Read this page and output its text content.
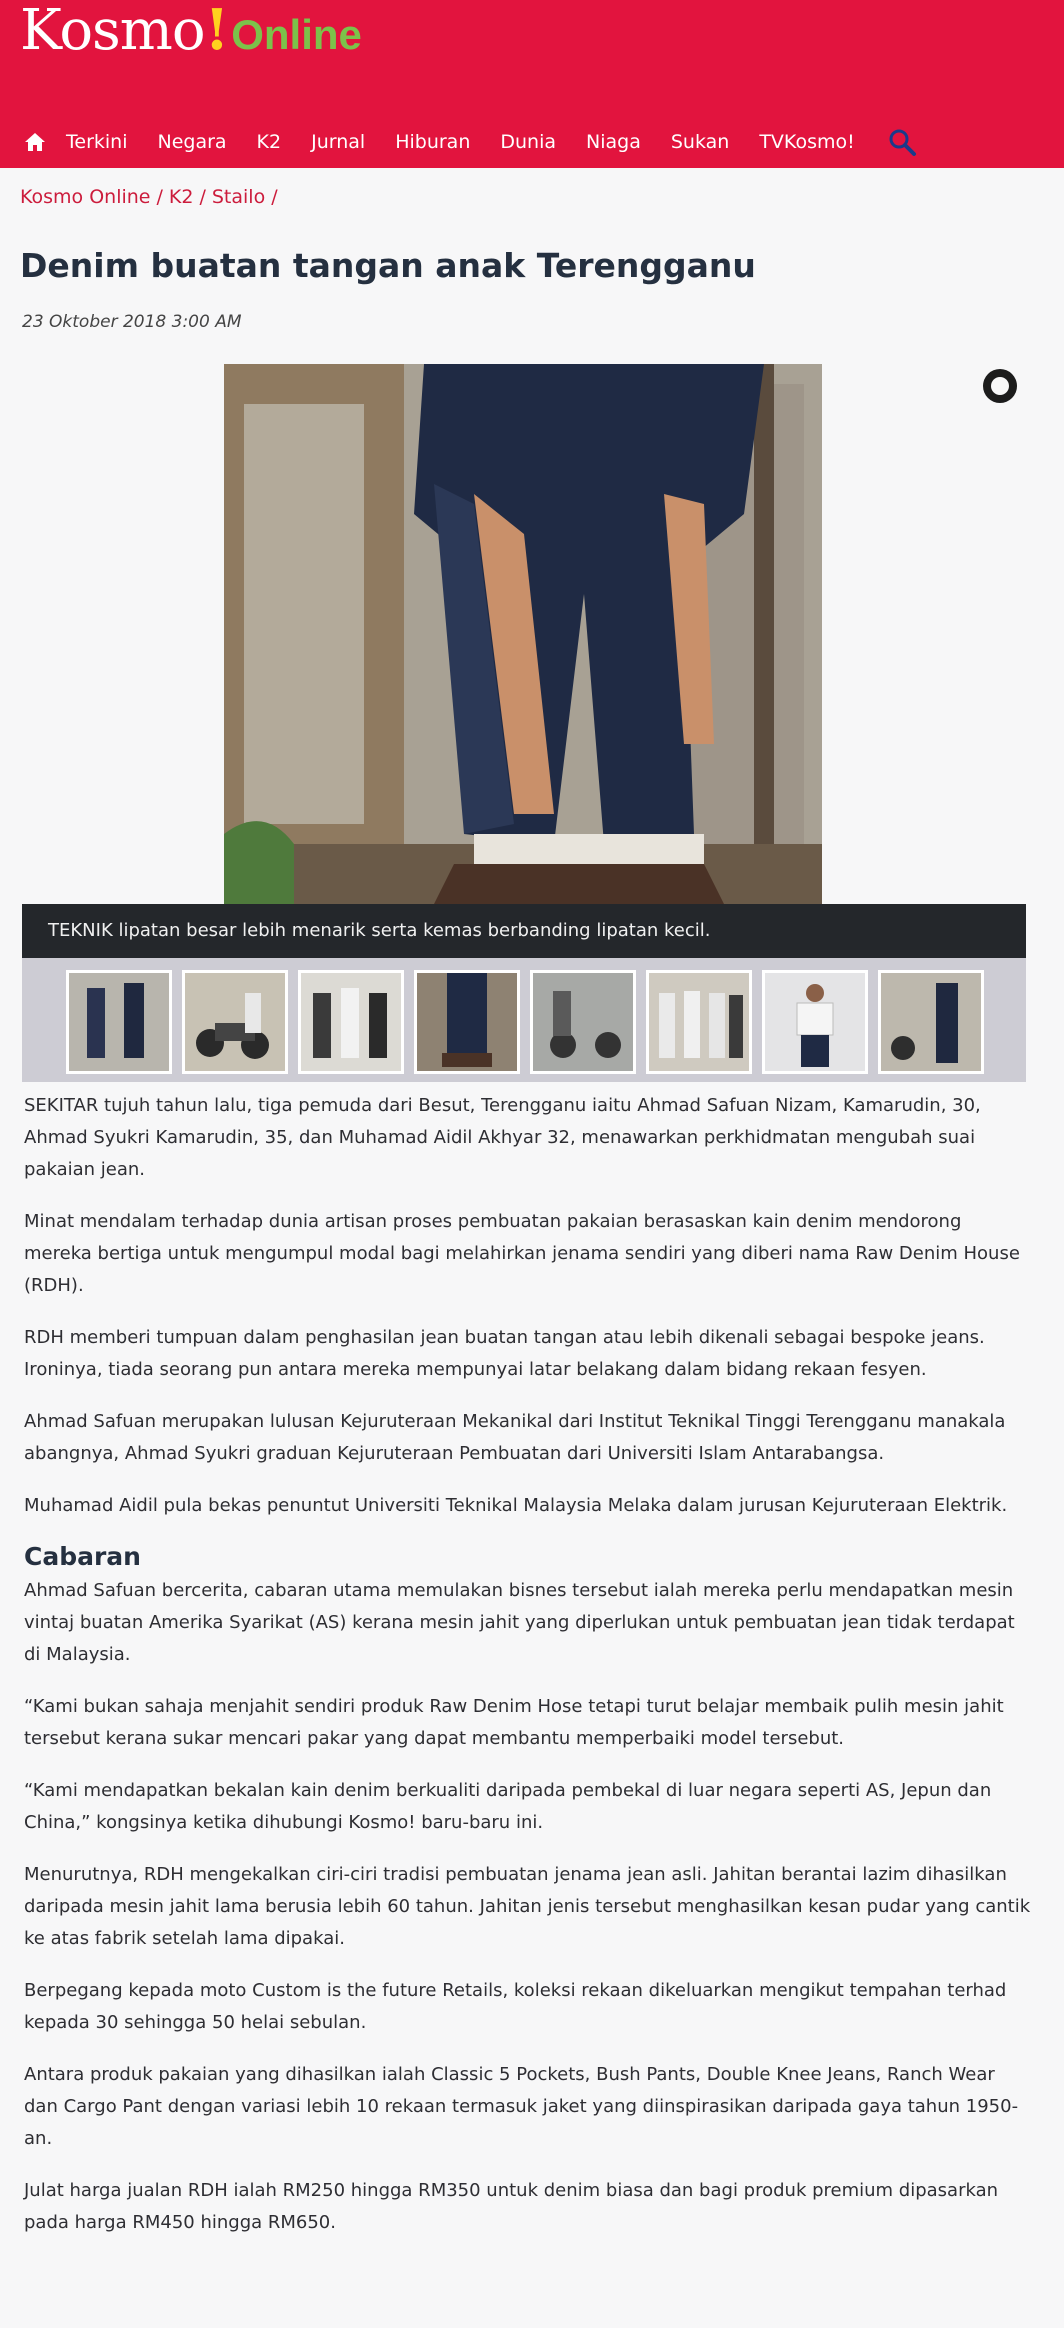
Kosmo ! Online
Terkini Negara K2 Jurnal Hiburan Dunia Niaga Sukan TVKosmo!
Kosmo Online / K2 / Stailo /
Denim buatan tangan anak Terengganu
23 Oktober 2018 3:00 AM
TEKNIK lipatan besar lebih menarik serta kemas berbanding lipatan kecil.

SEKITAR tujuh tahun lalu, tiga pemuda dari Besut, Terengganu iaitu Ahmad Safuan Nizam, Kamarudin, 30, Ahmad Syukri Kamarudin, 35, dan Muhamad Aidil Akhyar 32, menawarkan perkhidmatan mengubah suai pakaian jean.

Minat mendalam terhadap dunia artisan proses pembuatan pakaian berasaskan kain denim mendorong mereka bertiga untuk mengumpul modal bagi melahirkan jenama sendiri yang diberi nama Raw Denim House (RDH).

RDH memberi tumpuan dalam penghasilan jean buatan tangan atau lebih dikenali sebagai bespoke jeans. Ironinya, tiada seorang pun antara mereka mempunyai latar belakang dalam bidang rekaan fesyen.

Ahmad Safuan merupakan lulusan Kejuruteraan Mekanikal dari Institut Teknikal Tinggi Terengganu manakala abangnya, Ahmad Syukri graduan Kejuruteraan Pembuatan dari Universiti Islam Antarabangsa.

Muhamad Aidil pula bekas penuntut Universiti Teknikal Malaysia Melaka dalam jurusan Kejuruteraan Elektrik.

Cabaran

Ahmad Safuan bercerita, cabaran utama memulakan bisnes tersebut ialah mereka perlu mendapatkan mesin vintaj buatan Amerika Syarikat (AS) kerana mesin jahit yang diperlukan untuk pembuatan jean tidak terdapat di Malaysia.

“Kami bukan sahaja menjahit sendiri produk Raw Denim Hose tetapi turut belajar membaik pulih mesin jahit tersebut kerana sukar mencari pakar yang dapat membantu memperbaiki model tersebut.

“Kami mendapatkan bekalan kain denim berkualiti daripada pembekal di luar negara seperti AS, Jepun dan China,” kongsinya ketika dihubungi Kosmo! baru-baru ini.

Menurutnya, RDH mengekalkan ciri-ciri tradisi pembuatan jenama jean asli. Jahitan berantai lazim dihasilkan daripada mesin jahit lama berusia lebih 60 tahun. Jahitan jenis tersebut menghasilkan kesan pudar yang cantik ke atas fabrik setelah lama dipakai.

Berpegang kepada moto Custom is the future Retails, koleksi rekaan dikeluarkan mengikut tempahan terhad kepada 30 sehingga 50 helai sebulan.

Antara produk pakaian yang dihasilkan ialah Classic 5 Pockets, Bush Pants, Double Knee Jeans, Ranch Wear dan Cargo Pant dengan variasi lebih 10 rekaan termasuk jaket yang diinspirasikan daripada gaya tahun 1950-an.

Julat harga jualan RDH ialah RM250 hingga RM350 untuk denim biasa dan bagi produk premium dipasarkan pada harga RM450 hingga RM650.
